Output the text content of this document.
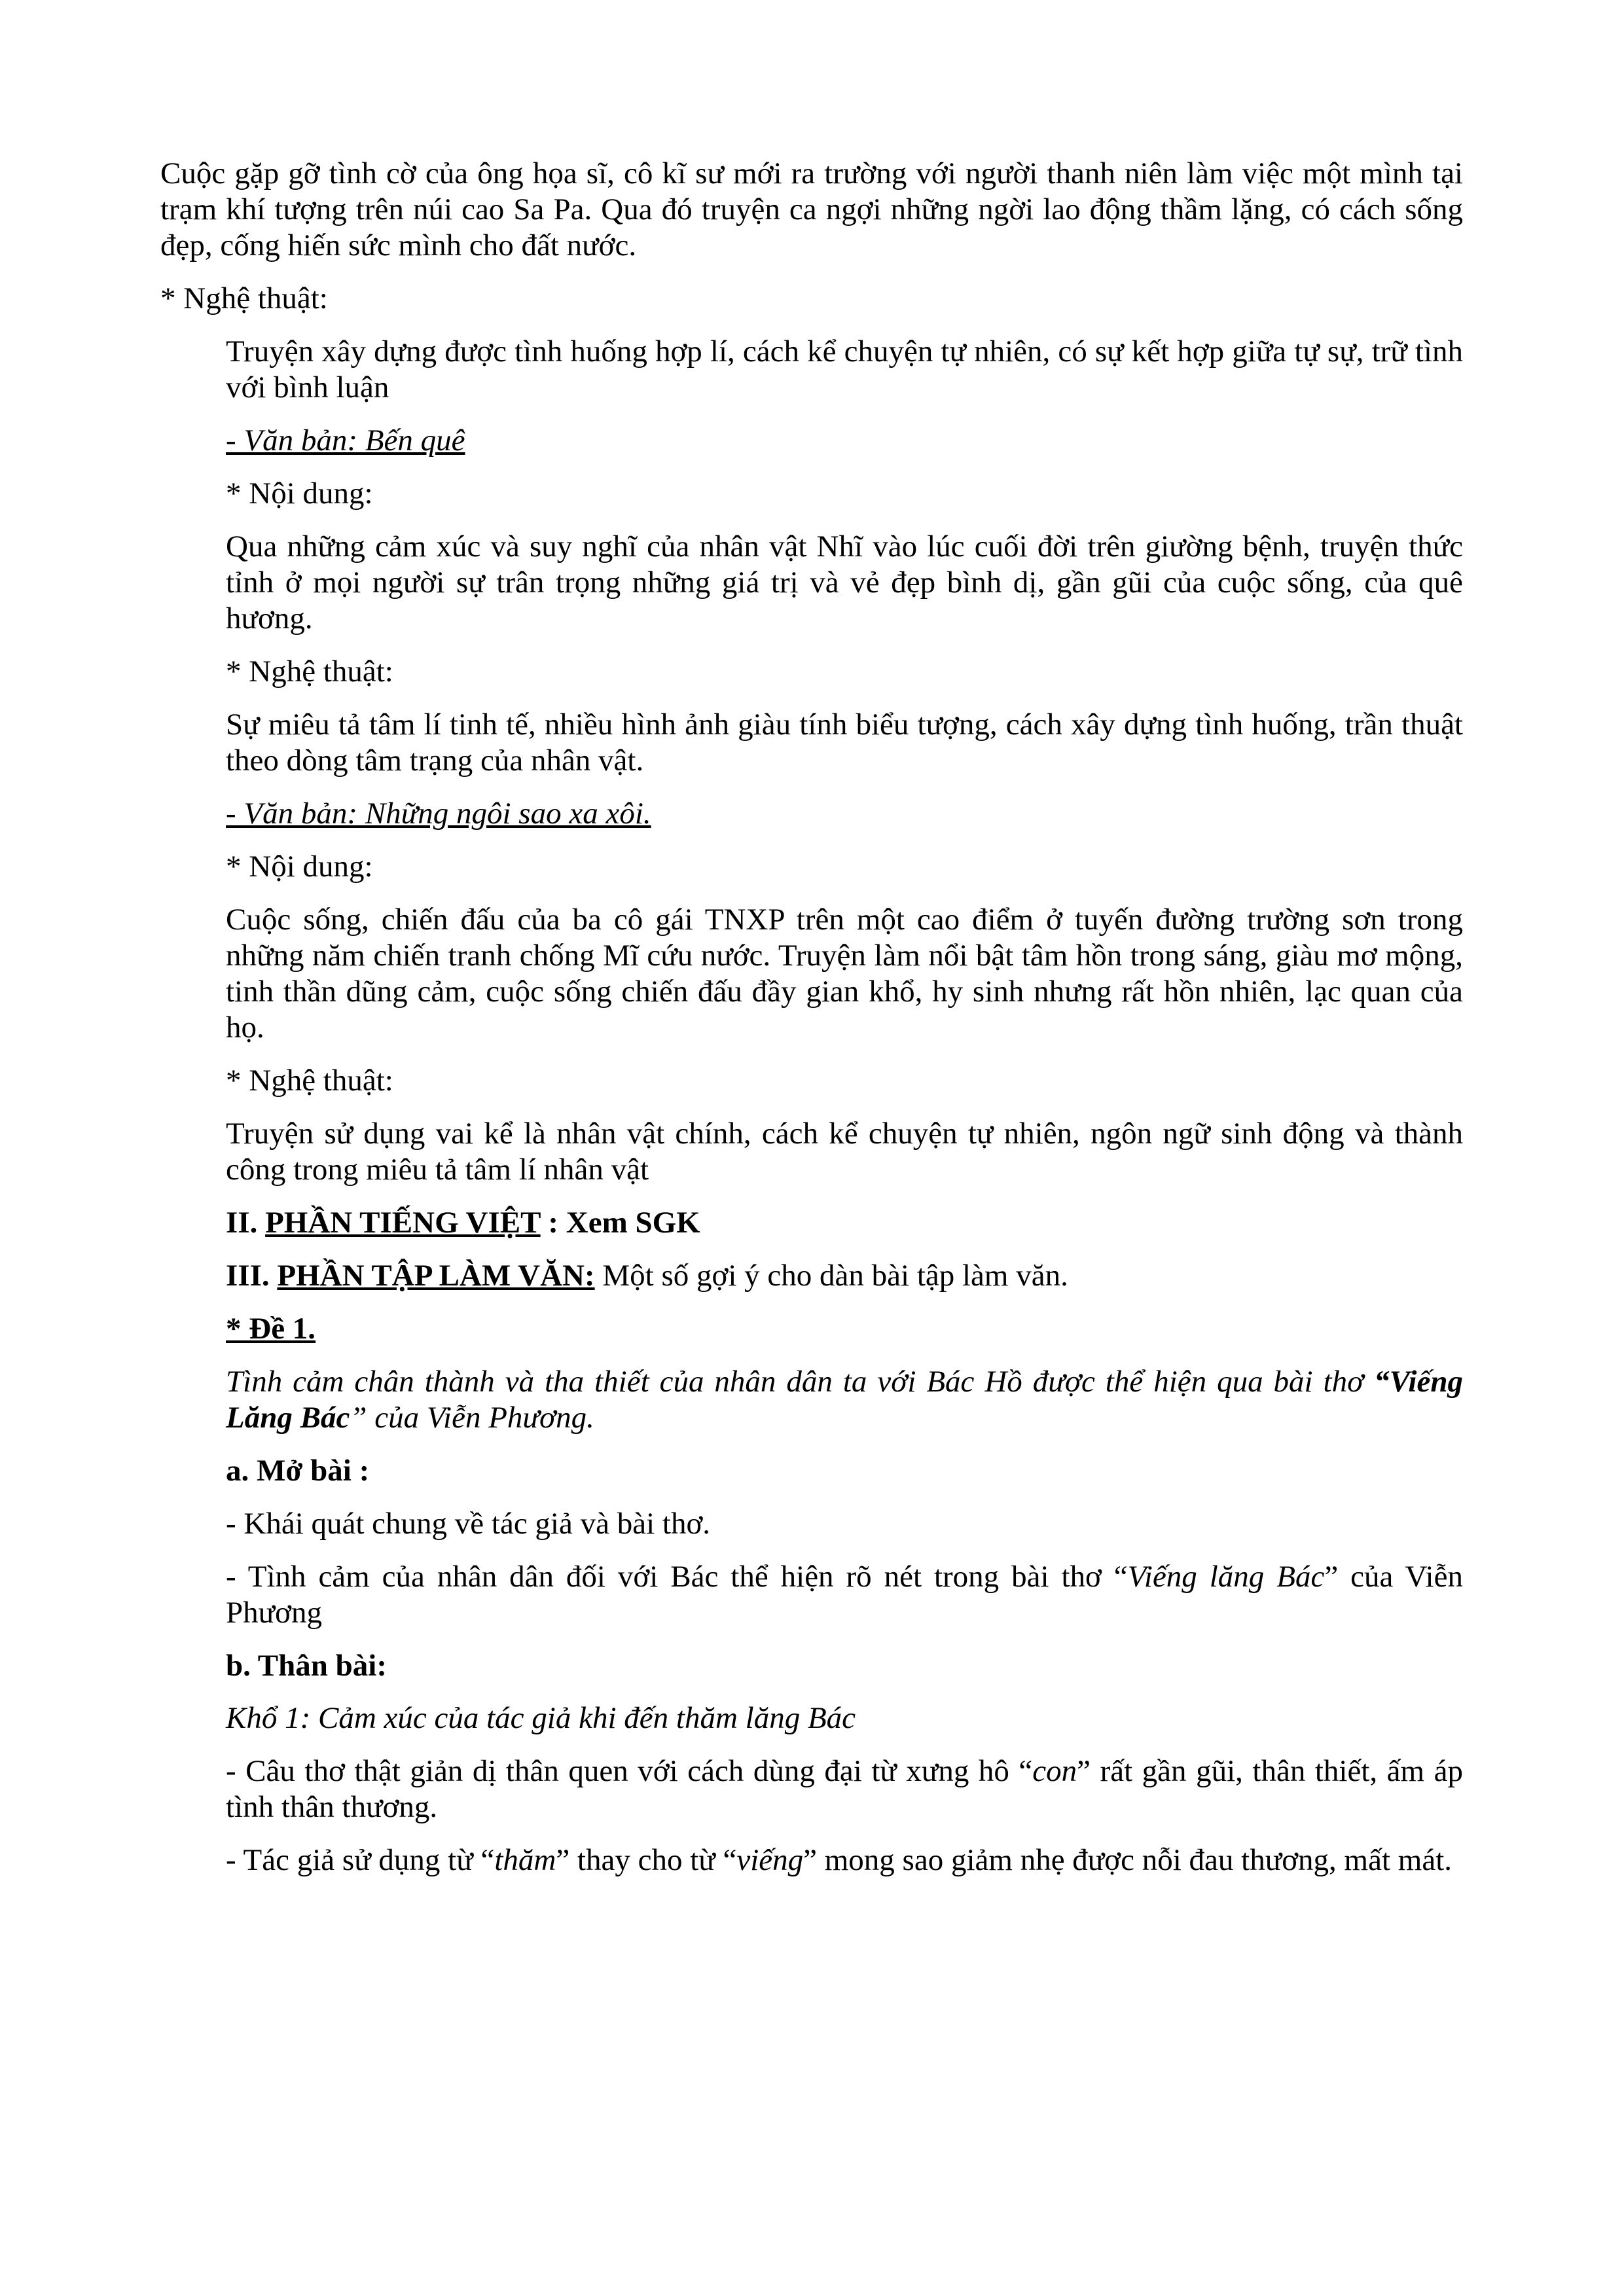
Cuộc gặp gỡ tình cờ của ông họa sĩ, cô kĩ sư mới ra trường với người thanh niên làm việc một mình tại trạm khí tượng trên núi cao Sa Pa. Qua đó truyện ca ngợi những ngời lao động thầm lặng, có cách sống đẹp, cống hiến sức mình cho đất nước.

* Nghệ thuật:

Truyện xây dựng được tình huống hợp lí, cách kể chuyện tự nhiên, có sự kết hợp giữa tự sự, trữ tình với bình luận

- Văn bản: Bến quê

* Nội dung:

Qua những cảm xúc và suy nghĩ của nhân vật Nhĩ vào lúc cuối đời trên giường bệnh, truyện thức tỉnh ở mọi người sự trân trọng những giá trị và vẻ đẹp bình dị, gần gũi của cuộc sống, của quê hương.

* Nghệ thuật:

Sự miêu tả tâm lí tinh tế, nhiều hình ảnh giàu tính biểu tượng, cách xây dựng tình huống, trần thuật theo dòng tâm trạng của nhân vật.

- Văn bản: Những ngôi sao xa xôi.

* Nội dung:

Cuộc sống, chiến đấu của ba cô gái TNXP trên một cao điểm ở tuyến đường trường sơn trong những năm chiến tranh chống Mĩ cứu nước. Truyện làm nổi bật tâm hồn trong sáng, giàu mơ mộng, tinh thần dũng cảm, cuộc sống chiến đấu đầy gian khổ, hy sinh nhưng rất hồn nhiên, lạc quan của họ.

* Nghệ thuật:

Truyện sử dụng vai kể là nhân vật chính, cách kể chuyện tự nhiên, ngôn ngữ sinh động và thành công trong miêu tả tâm lí nhân vật

II. PHẦN TIẾNG VIỆT : Xem SGK

III. PHẦN TẬP LÀM VĂN: Một số gợi ý cho dàn bài tập làm văn.

* Đề 1.

Tình cảm chân thành và tha thiết của nhân dân ta với Bác Hồ được thể hiện qua bài thơ “Viếng Lăng Bác” của Viễn Phương.

a. Mở bài :

- Khái quát chung về tác giả và bài thơ.

- Tình cảm của nhân dân đối với Bác thể hiện rõ nét trong bài thơ “Viếng lăng Bác” của Viễn Phương

b. Thân bài:

Khổ 1: Cảm xúc của tác giả khi đến thăm lăng Bác

- Câu thơ thật giản dị thân quen với cách dùng đại từ xưng hô “con” rất gần gũi, thân thiết, ấm áp tình thân thương.

- Tác giả sử dụng từ “thăm” thay cho từ “viếng” mong sao giảm nhẹ được nỗi đau thương, mất mát.
